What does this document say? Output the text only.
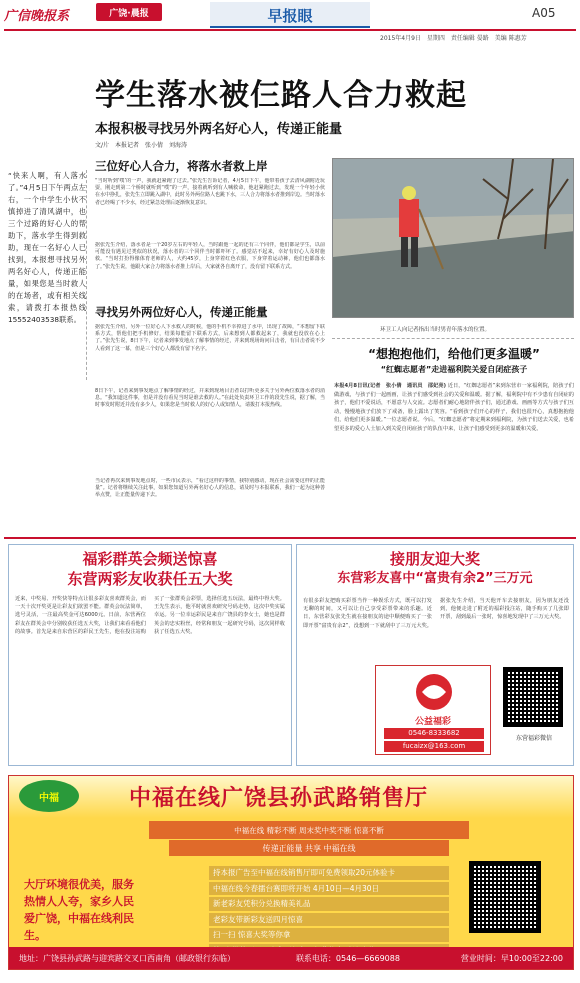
广信晚报系	广饶·晨报	早报眼	A05
2015年4月9日　星期四　责任编辑 晏路　美编 陈惠芳
学生落水被仨路人合力救起
本报积极寻找另外两名好心人，传递正能量
文/片　本报记者　张小倩　刘海涛
“快来人啊，有人落水了。”4月5日下午两点左右，一个中学生小伙不慎掉进了清风湖中，也三个过路的好心人的帮助下，落水学生得到救助，现在一名好心人已找到，本报想寻找另外两名好心人，传递正能量，如果您是当时救人的在场者，或有相关线索，请拨打本报热线15552403538联系。
三位好心人合力，将落水者救上岸
“当时听到‘噗’的一声，我就赶紧跑了过去。”张先生告诉记者，4月5日下午，他带着孩子去清风湖附近玩耍，刚走到第二个桥时就听到“噗”的一声，接着就听到有人喊救命，他赶紧跑过去，发现一个年轻小伙在水中挣扎，张先生立即跳入湖中，此时另外两位路人也跳下水，三人合力将落水者推到岸边。当时落水者已经喝了不少水，经过紧急处理后逐渐恢复意识。
据张先生介绍，落水者是一个20岁左右的年轻人，当时跟他一起的还有三个同伴，他们都是学生，以前可能没有遇见过类似的状况，落水者的三个同伴当时都吓坏了。感觉站不起来，幸好有好心人及时施救。“当时打扮得像体育老师的人，大约45岁，上身穿着红色衣服，下身穿着运动裤，他们也都落水了。”张先生说，他跟大家合力将落水者推上岸后，大家就各自离开了，没有留下联系方式。
寻找另外两位好心人，传递正能量
据张先生介绍，另外一位好心人下水救人的时候，他的手机不幸掉进了水中，出现了故障，“本想留下联系方式，帮他们把手机修好，结果每能留下联系方式，后来想到人都救起来了，我就也没放在心上了。”张先生说，8日下午，记者来到事发地点了解事情的经过，并来到现场询问目击者，有目击者说不少人看到了这一幕，但是三个好心人都没有留下名字。
8日下午，记者来到事发地点了解事情的经过，并来到现场目击者以打听更多关于另外两位救落水者的消息。“我知道这件事，但是并没有看见当时是谁去救的人。”在此处负责环卫工作的段先生说，据了解，当时事发时附近并没有多少人，如果您是当时救人的好心人或知情人，请拨打本报热线。
当记者再次来到事发地点时，一些市民表示，“看过这样的事情，我特别感动，现在社会需要这样的正能量”。记者将继续关注此事，如果您知道另外两名好心人的信息，请及时与本报联系，我们一起为这种善举点赞，让正能量传递下去。
环卫工人向记者指出当时男青年落水的位置。
“想抱抱他们，给他们更多温暖”
“红蜘志愿者”走进福利院关爱自闭症孩子
本报4月8日讯(记者　张小倩　通讯员　邵妃亮) 近日，“红蜘志愿者”来到东营市一家福利院，陪孩子们做游戏，与孩子们一起画画，让孩子们感受到社会的关爱和温暖。据了解，福利院中有不少患有自闭症的孩子，他们不爱说话，不愿意与人交流。志愿者们耐心地陪伴孩子们，通过游戏、画画等方式与孩子们互动，慢慢地孩子们放下了戒备，脸上露出了笑容。“看到孩子们开心的样子，我们也很开心，真想抱抱他们，给他们更多温暖。”一位志愿者说。今后，“红蜘志愿者”将定期来到福利院，为孩子们送去关爱，也希望更多的爱心人士加入到关爱自闭症孩子的队伍中来，让孩子们感受到更多的温暖和关爱。
福彩群英会频送惊喜
东营两彩友收获任五大奖
近来，中奖易、开奖快等特点让很多彩友喜欢群英会，而一天十次开奖更是让彩友们欲罢不能。群英会玩法简单，选号灵活，一注最高奖金可达6000元。日前，东营两位彩友在群英会中分别收获任选五大奖，让我们来看看他们的故事。首先是来自东营区的彩民王先生，他在投注站购买了一张群英会彩票，选择任选五玩法，最终中得大奖。王先生表示，他平时就喜欢研究号码走势，这次中奖实属幸运。另一位幸运彩民是来自广饶县的李女士，她也是群英会的忠实粉丝，经常和朋友一起研究号码，这次同样收获了任选五大奖。
接朋友迎大奖
东营彩友喜中“富贵有余2”三万元
有很多彩友把购买彩票当作一种娱乐方式，既可以打发无聊的时间，又可以让自己享受彩票带来的乐趣。近日，东营彩友张先生就在接朋友的途中顺便购买了一张即开票“富贵有余2”，没想到一下就刮中了三万元大奖。据张先生介绍，当天他开车去接朋友，因为朋友还没到，他便走进了附近的福彩投注站，随手购买了几张即开票，刮到最后一张时，惊喜地发现中了三万元大奖。
公益福彩
0546-8333682
fucaizx@163.com
东营福彩微信
中福	中福在线广饶县孙武路销售厅
中福在线 精彩不断 周末奖中奖不断 惊喜不断
传递正能量 共享 中福在线
大厅环境很优美，服务热情人人夸，家乡人民爱广饶，中福在线利民生。
持本报广告至中福在线销售厅即可免费领取20元体验卡
中福在线今春擂台赛即将开始 4月10日—4月30日
新老彩友凭积分兑换精美礼品
老彩友带新彩友送四月惊喜
扫一扫 惊喜大奖等你拿
地址：广饶县孙武路与迎宾路交叉口西南角（邮政银行东临）	联系电话：0546—6669088	营业时间：早10:00至22:00
